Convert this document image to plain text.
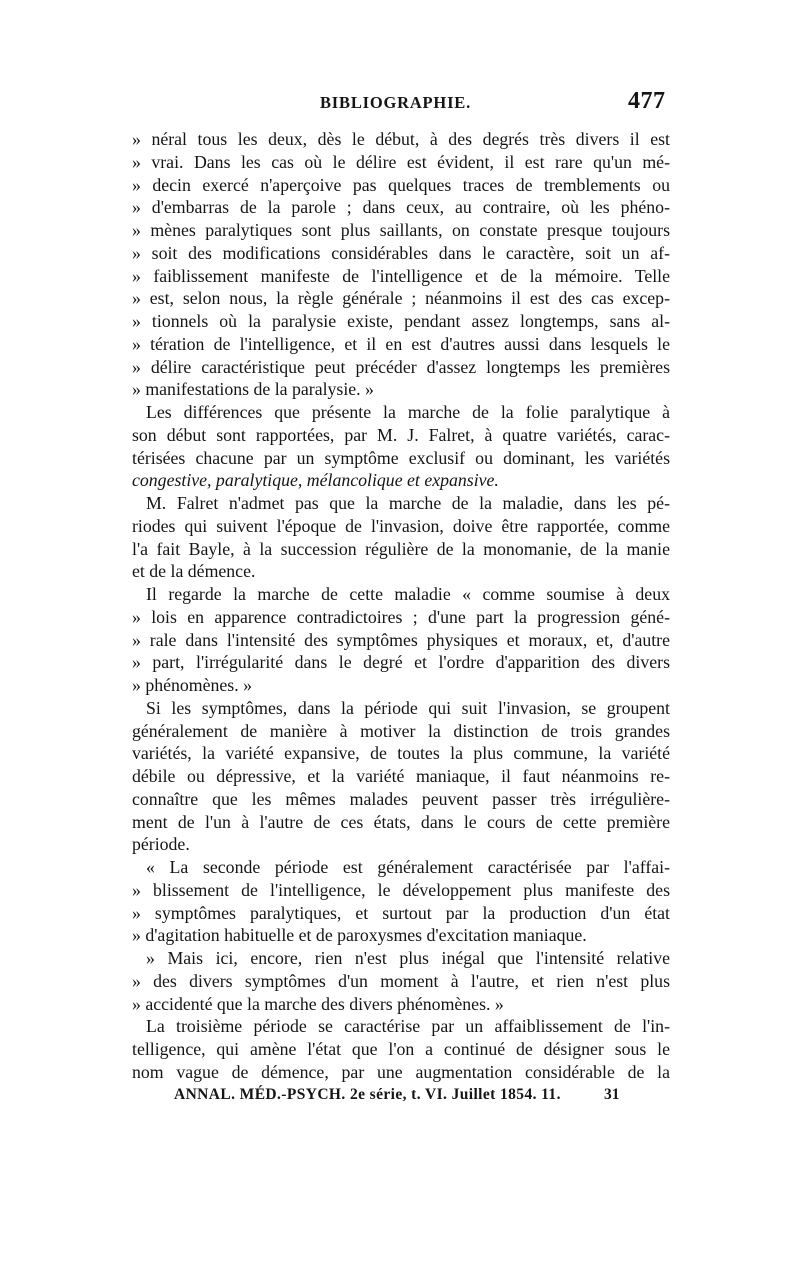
BIBLIOGRAPHIE.	477
» néral tous les deux, dès le début, à des degrés très divers il est
» vrai. Dans les cas où le délire est évident, il est rare qu'un mé-
» decin exercé n'aperçoive pas quelques traces de tremblements ou
» d'embarras de la parole ; dans ceux, au contraire, où les phéno-
» mènes paralytiques sont plus saillants, on constate presque toujours
» soit des modifications considérables dans le caractère, soit un af-
» faiblissement manifeste de l'intelligence et de la mémoire. Telle
» est, selon nous, la règle générale ; néanmoins il est des cas excep-
» tionnels où la paralysie existe, pendant assez longtemps, sans al-
» tération de l'intelligence, et il en est d'autres aussi dans lesquels le
» délire caractéristique peut précéder d'assez longtemps les premières
» manifestations de la paralysie. »
Les différences que présente la marche de la folie paralytique à
son début sont rapportées, par M. J. Falret, à quatre variétés, carac-
térisées chacune par un symptôme exclusif ou dominant, les variétés
congestive, paralytique, mélancolique et expansive.
M. Falret n'admet pas que la marche de la maladie, dans les pé-
riodes qui suivent l'époque de l'invasion, doive être rapportée, comme
l'a fait Bayle, à la succession régulière de la monomanie, de la manie
et de la démence.
Il regarde la marche de cette maladie « comme soumise à deux
» lois en apparence contradictoires ; d'une part la progression géné-
» rale dans l'intensité des symptômes physiques et moraux, et, d'autre
» part, l'irrégularité dans le degré et l'ordre d'apparition des divers
» phénomènes. »
Si les symptômes, dans la période qui suit l'invasion, se groupent
généralement de manière à motiver la distinction de trois grandes
variétés, la variété expansive, de toutes la plus commune, la variété
débile ou dépressive, et la variété maniaque, il faut néanmoins re-
connaître que les mêmes malades peuvent passer très irrégulière-
ment de l'un à l'autre de ces états, dans le cours de cette première
période.
« La seconde période est généralement caractérisée par l'affai-
» blissement de l'intelligence, le développement plus manifeste des
» symptômes paralytiques, et surtout par la production d'un état
» d'agitation habituelle et de paroxysmes d'excitation maniaque.
» Mais ici, encore, rien n'est plus inégal que l'intensité relative
» des divers symptômes d'un moment à l'autre, et rien n'est plus
» accidenté que la marche des divers phénomènes. »
La troisième période se caractérise par un affaiblissement de l'in-
telligence, qui amène l'état que l'on a continué de désigner sous le
nom vague de démence, par une augmentation considérable de la
ANNAL. MÉD.-PSYCH. 2e série, t. VI. Juillet 1854. 11.	31
